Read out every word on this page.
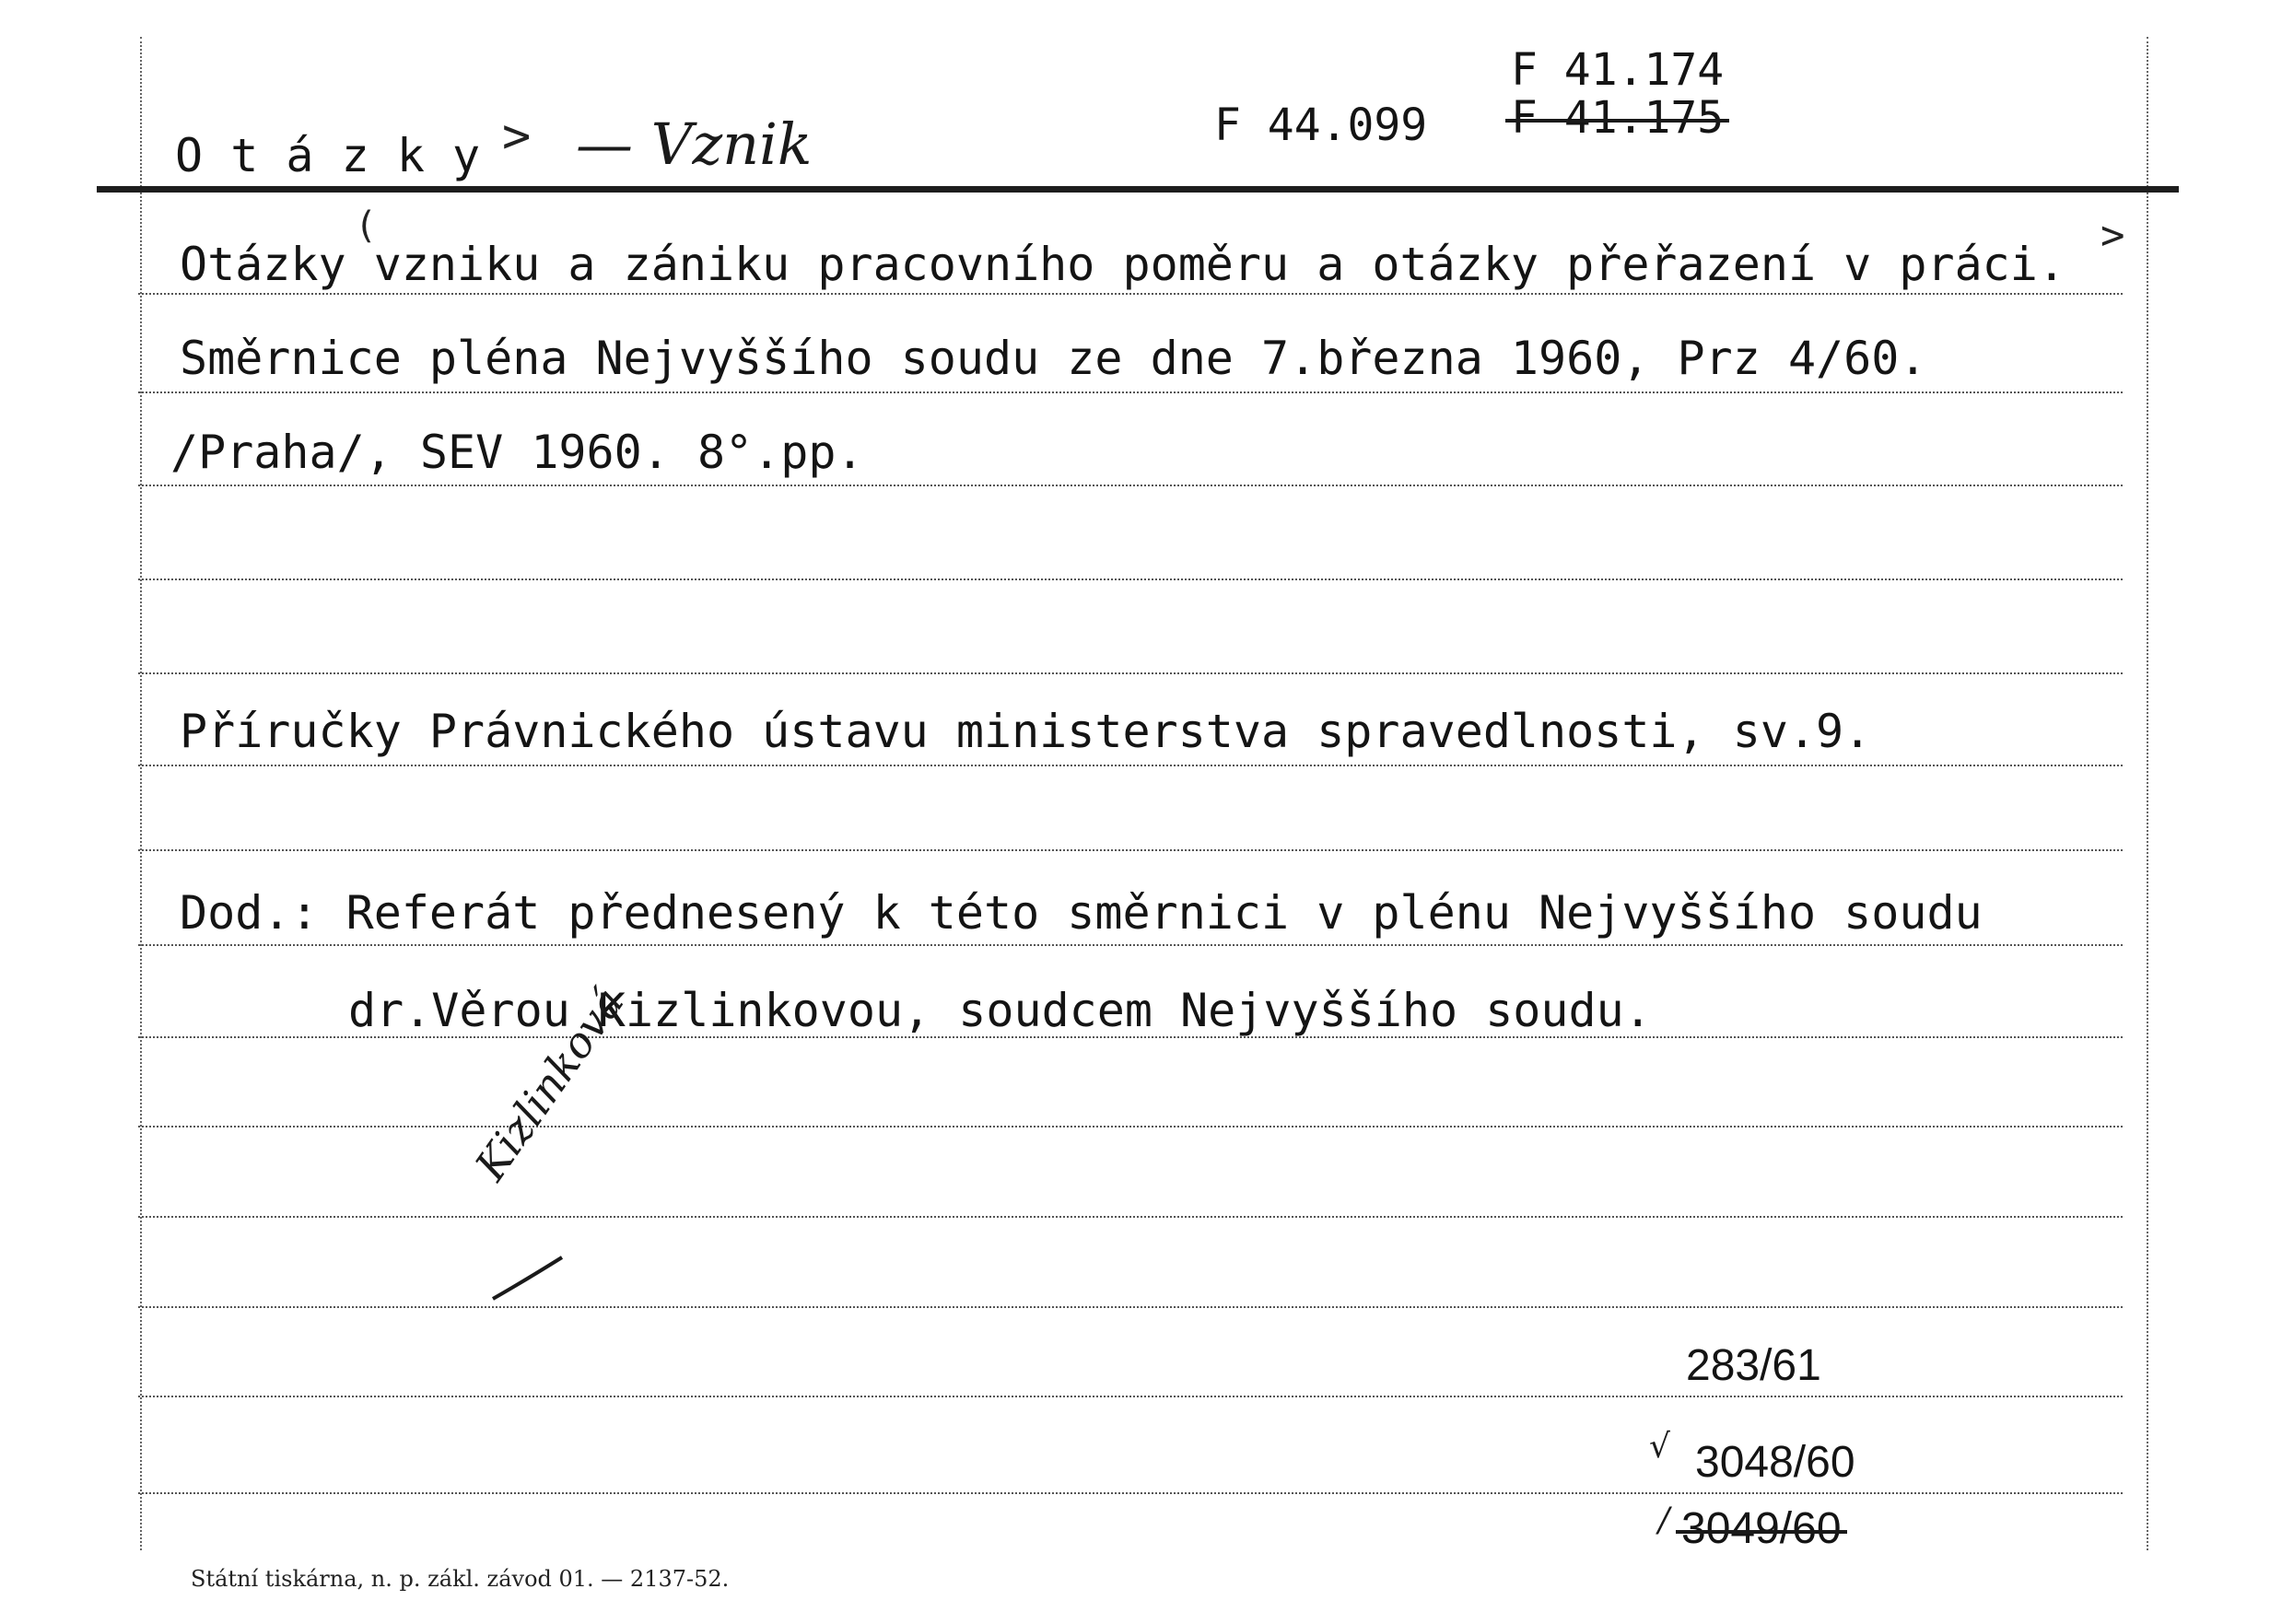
O t á z k y > — Vznik	F 44.099
F 41.174
F 41.175
(
Otázky vzniku a zániku pracovního poměru a otázky přeřazení v práci.
>
Směrnice pléna Nejvyššího soudu ze dne 7.března 1960, Prz 4/60.
/Praha/, SEV 1960. 8°.pp.
Příručky Právnického ústavu ministerstva spravedlnosti, sv.9.
Dod.: Referát přednesený k této směrnici v plénu Nejvyššího soudu
dr.Věrou Kizlinkovou, soudcem Nejvyššího soudu.
Kizlinková
283/61
√ 3048/60
/ 3049/60
Státní tiskárna, n. p. zákl. závod 01. — 2137-52.
